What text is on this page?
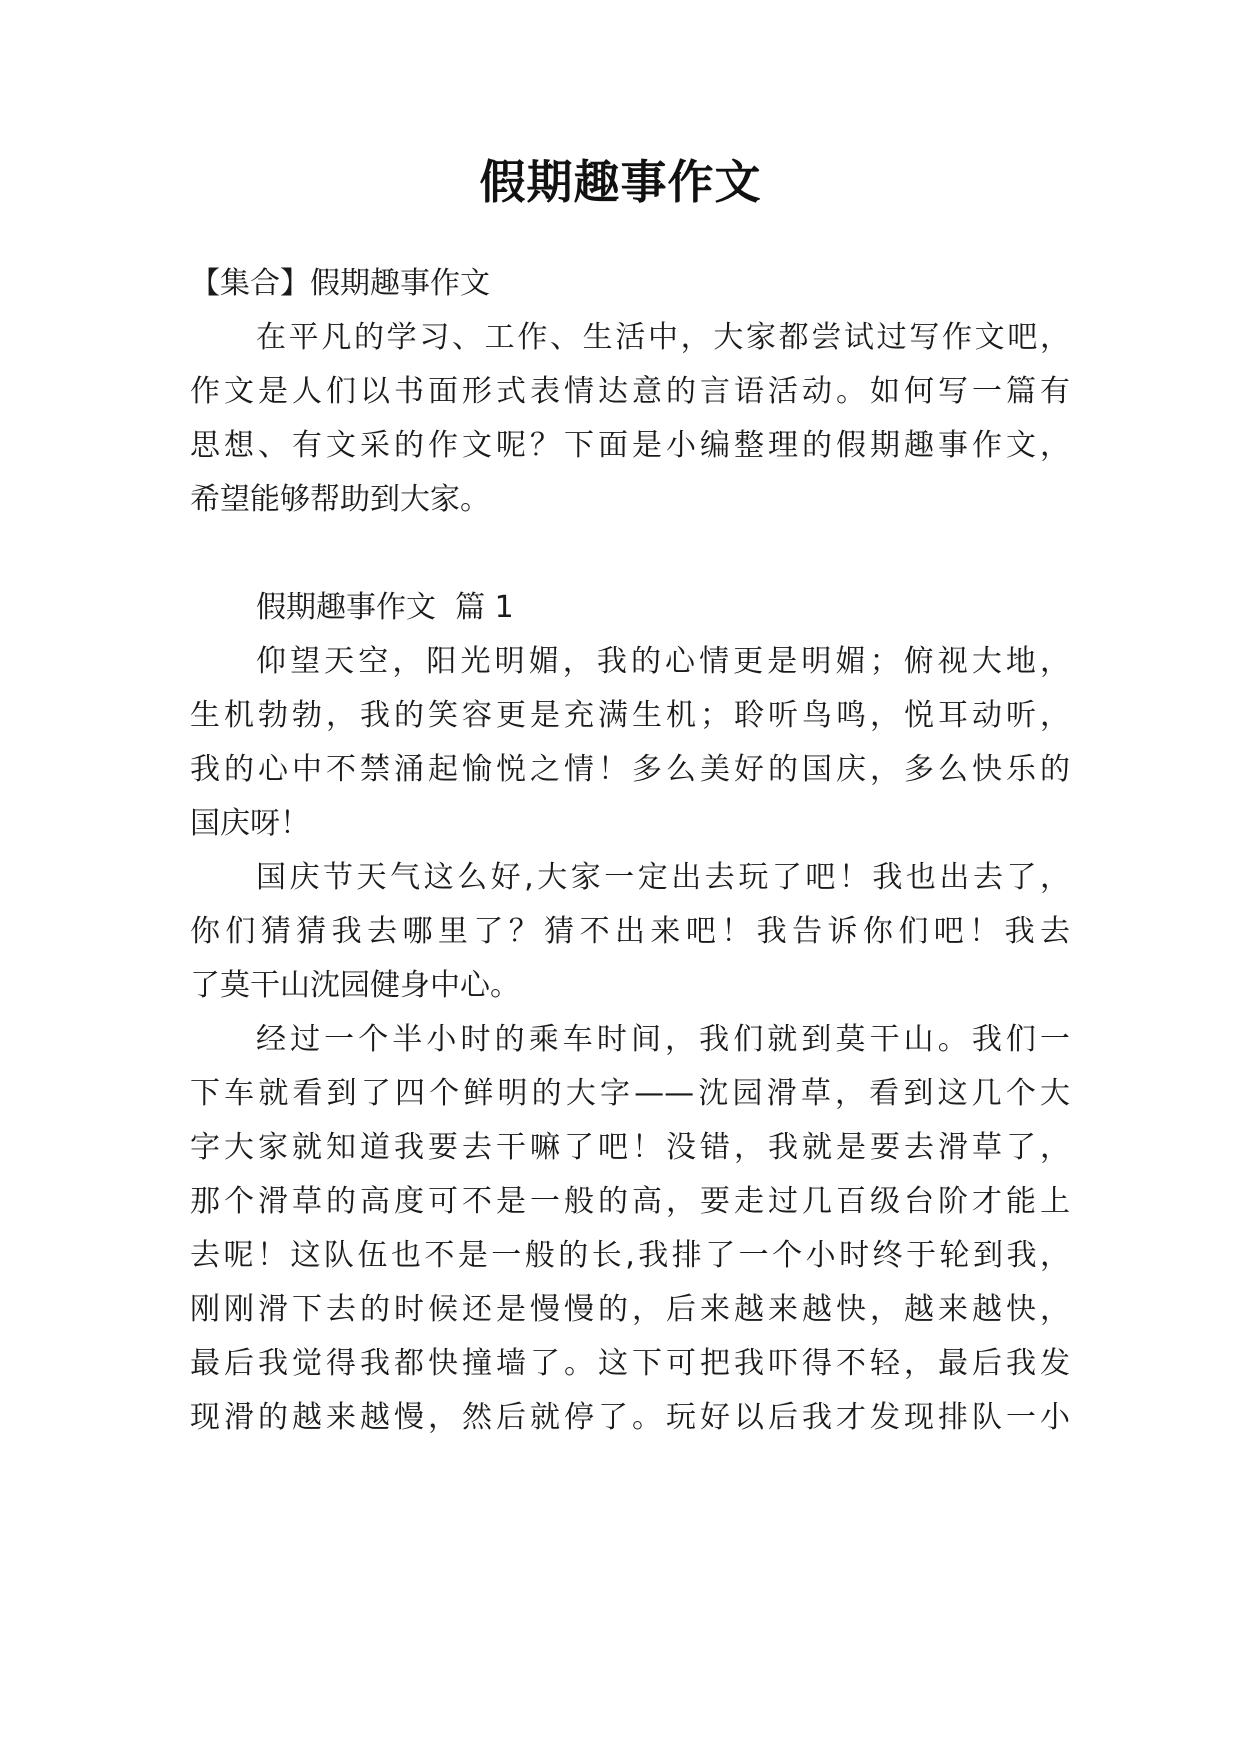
假期趣事作文
【集合】假期趣事作文
在平凡的学习、工作、生活中，大家都尝试过写作文吧，
作文是人们以书面形式表情达意的言语活动。如何写一篇有
思想、有文采的作文呢？下面是小编整理的假期趣事作文，
希望能够帮助到大家。
假期趣事作文  篇 1
仰望天空，阳光明媚，我的心情更是明媚；俯视大地，
生机勃勃，我的笑容更是充满生机；聆听鸟鸣，悦耳动听，
我的心中不禁涌起愉悦之情！多么美好的国庆，多么快乐的
国庆呀！
国庆节天气这么好,大家一定出去玩了吧！我也出去了，
你们猜猜我去哪里了？猜不出来吧！我告诉你们吧！我去
了莫干山沈园健身中心。
经过一个半小时的乘车时间，我们就到莫干山。我们一
下车就看到了四个鲜明的大字——沈园滑草，看到这几个大
字大家就知道我要去干嘛了吧！没错，我就是要去滑草了，
那个滑草的高度可不是一般的高，要走过几百级台阶才能上
去呢！这队伍也不是一般的长,我排了一个小时终于轮到我，
刚刚滑下去的时候还是慢慢的，后来越来越快，越来越快，
最后我觉得我都快撞墙了。这下可把我吓得不轻，最后我发
现滑的越来越慢，然后就停了。玩好以后我才发现排队一小
